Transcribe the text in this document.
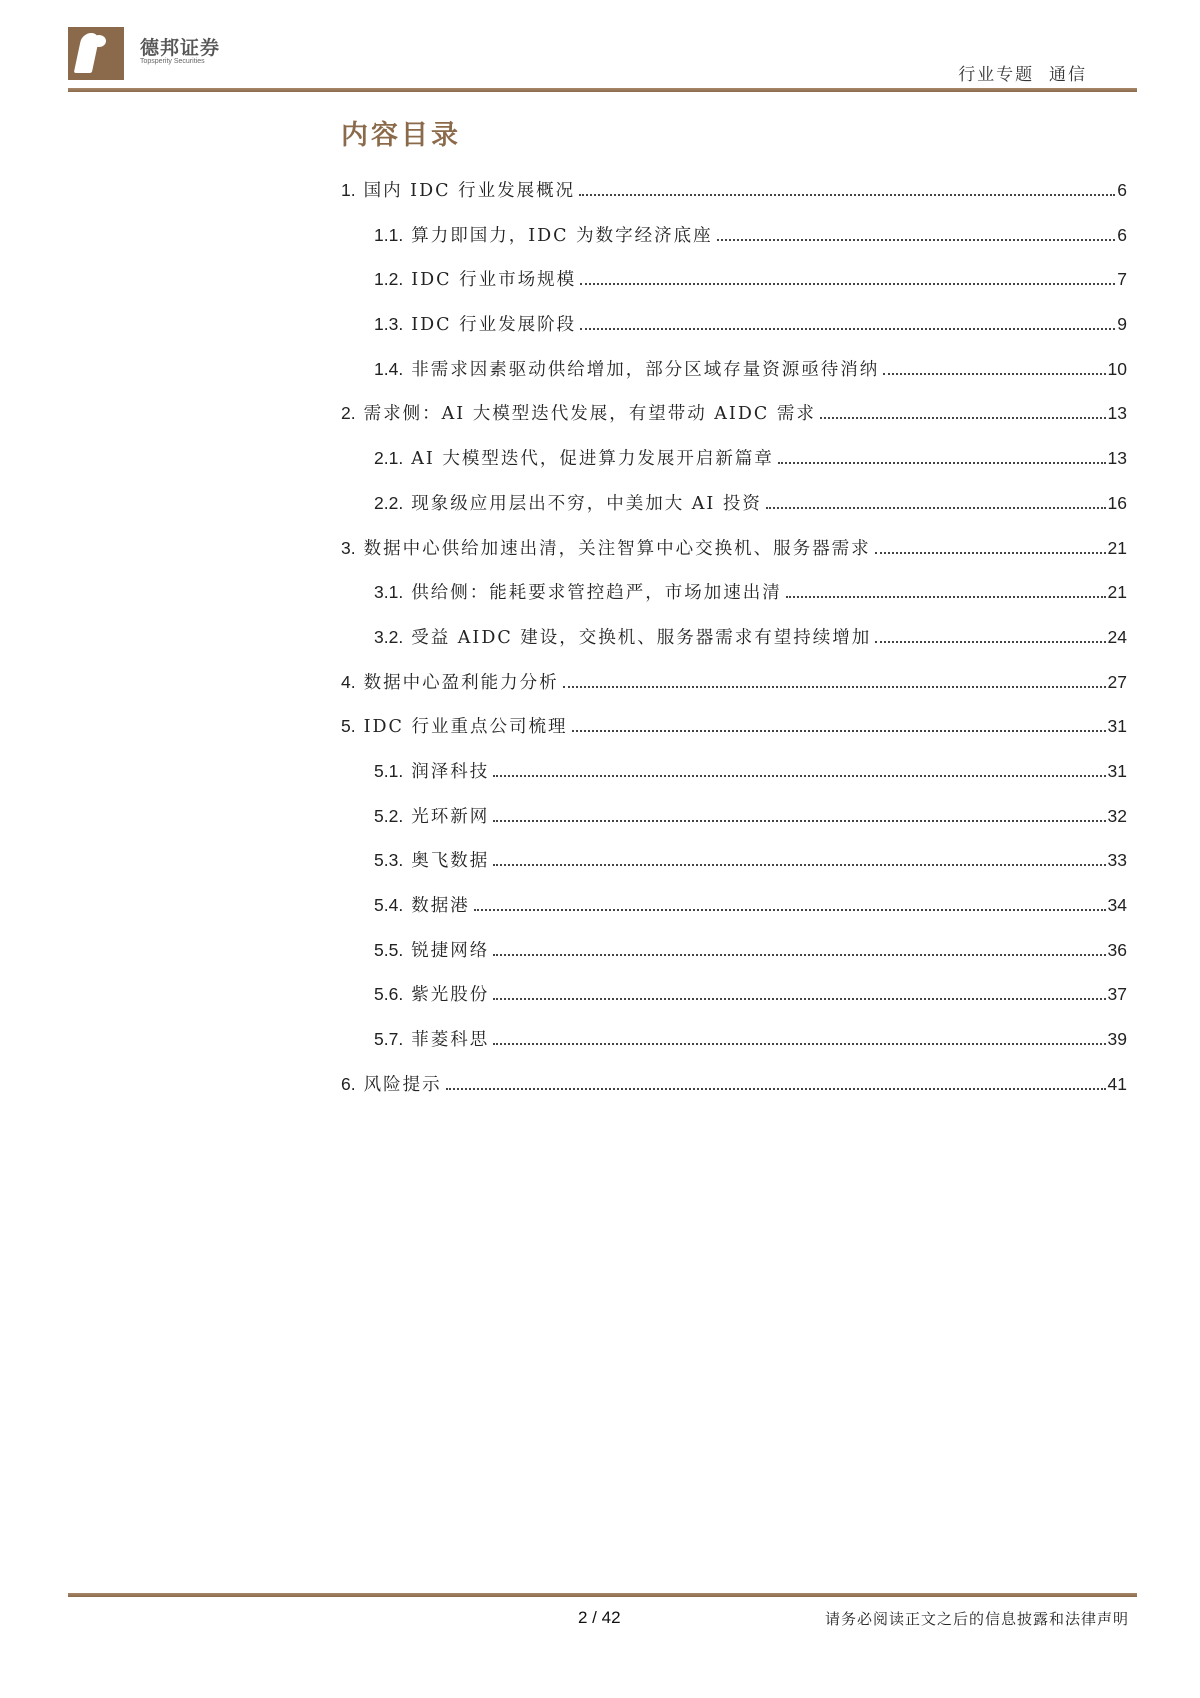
德邦证券
Topsperity Securities
行业专题  通信
内容目录
1. 国内 IDC 行业发展概况	6
1.1. 算力即国力，IDC 为数字经济底座	6
1.2. IDC 行业市场规模	7
1.3. IDC 行业发展阶段	9
1.4. 非需求因素驱动供给增加，部分区域存量资源亟待消纳	10
2. 需求侧：AI 大模型迭代发展，有望带动 AIDC 需求	13
2.1. AI 大模型迭代，促进算力发展开启新篇章	13
2.2. 现象级应用层出不穷，中美加大 AI 投资	16
3. 数据中心供给加速出清，关注智算中心交换机、服务器需求	21
3.1. 供给侧：能耗要求管控趋严，市场加速出清	21
3.2. 受益 AIDC 建设，交换机、服务器需求有望持续增加	24
4. 数据中心盈利能力分析	27
5. IDC 行业重点公司梳理	31
5.1. 润泽科技	31
5.2. 光环新网	32
5.3. 奥飞数据	33
5.4. 数据港	34
5.5. 锐捷网络	36
5.6. 紫光股份	37
5.7. 菲菱科思	39
6. 风险提示	41
2 / 42	请务必阅读正文之后的信息披露和法律声明
